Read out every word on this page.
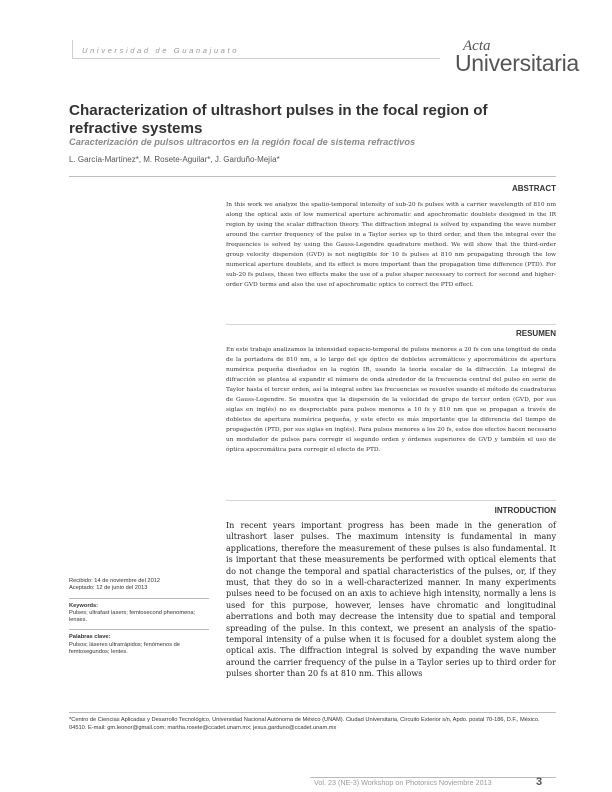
Universidad de Guanajuato	Acta
Universitaria
Characterization of ultrashort pulses in the focal region of refractive systems
Caracterización de pulsos ultracortos en la región focal de sistema refractivos
L. García-Martínez*, M. Rosete-Aguilar*, J. Garduño-Mejía*
ABSTRACT
In this work we analyze the spatio-temporal intensity of sub-20 fs pulses with a carrier wavelength of 810 nm along the optical axis of low numerical aperture achromatic and apochromatic doublets designed in the IR region by using the scalar diffraction theory. The diffraction integral is solved by expanding the wave number around the carrier frequency of the pulse in a Taylor series up to third order, and then the integral over the frequencies is solved by using the Gauss-Legendre quadrature method. We will show that the third-order group velocity dispersion (GVD) is not negligible for 10 fs pulses at 810 nm propagating through the low numerical aperture doublets, and its effect is more important than the propagation time difference (PTD). For sub-20 fs pulses, these two effects make the use of a pulse shaper necessary to correct for second and higher-order GVD terms and also the use of apochromatic optics to correct the PTD effect.
RESUMEN
En este trabajo analizamos la intensidad espacio-temporal de pulsos menores a 20 fs con una longitud de onda de la portadora de 810 nm, a lo largo del eje óptico de dobletes acromáticos y apocromáticos de apertura numérica pequeña diseñados en la región IR, usando la teoría escalar de la difracción. La integral de difracción se plantea al expandir el número de onda alrededor de la frecuencia central del pulso en serie de Taylor hasta el tercer orden, así la integral sobre las frecuencias se resuelve usando el método de cuadraturas de Gauss-Legendre. Se muestra que la dispersión de la velocidad de grupo de tercer orden (GVD, por sus siglas en inglés) no es despreciable para pulsos menores a 10 fs y 810 nm que se propagan a través de dobletes de apertura numérica pequeña, y este efecto es más importante que la diferencia del tiempo de propagación (PTD, por sus siglas en inglés). Para pulsos menores a los 20 fs, estos dos efectos hacen necesario un modulador de pulsos para corregir el segundo orden y órdenes superiores de GVD y también el uso de óptica apocromática para corregir el efecto de PTD.
INTRODUCTION
In recent years important progress has been made in the generation of ultrashort laser pulses. The maximum intensity is fundamental in many applications, therefore the measurement of these pulses is also fundamental. It is important that these measurements be performed with optical elements that do not change the temporal and spatial characteristics of the pulses, or, if they must, that they do so in a well-characterized manner. In many experiments pulses need to be focused on an axis to achieve high intensity, normally a lens is used for this purpose, however, lenses have chromatic and longitudinal aberrations and both may decrease the intensity due to spatial and temporal spreading of the pulse. In this context, we present an analysis of the spatio-temporal intensity of a pulse when it is focused for a doublet system along the optical axis. The diffraction integral is solved by expanding the wave number around the carrier frequency of the pulse in a Taylor series up to third order for pulses shorter than 20 fs at 810 nm. This allows
Recibido: 14 de noviembre del 2012
Aceptado: 12 de junio del 2013
Keywords:
Pulses; ultrafast lasers; femtosecond phenomena; lenses.
Palabras clave:
Pulsos; láseres ultrarrápidos; fenómenos de femtosegundos; lentes.
*Centro de Ciencias Aplicadas y Desarrollo Tecnológico, Universidad Nacional Autónoma de México (UNAM). Ciudad Universitaria, Circuito Exterior s/n, Apdo. postal 70-186, D.F., México. 04510. E-mail: gm.leonor@gmail.com; martha.rosete@ccadet.unam.mx; jesus.garduno@ccadet.unam.mx
Vol. 23 (NE-3) Workshop on Photonics Noviembre 2013	3
